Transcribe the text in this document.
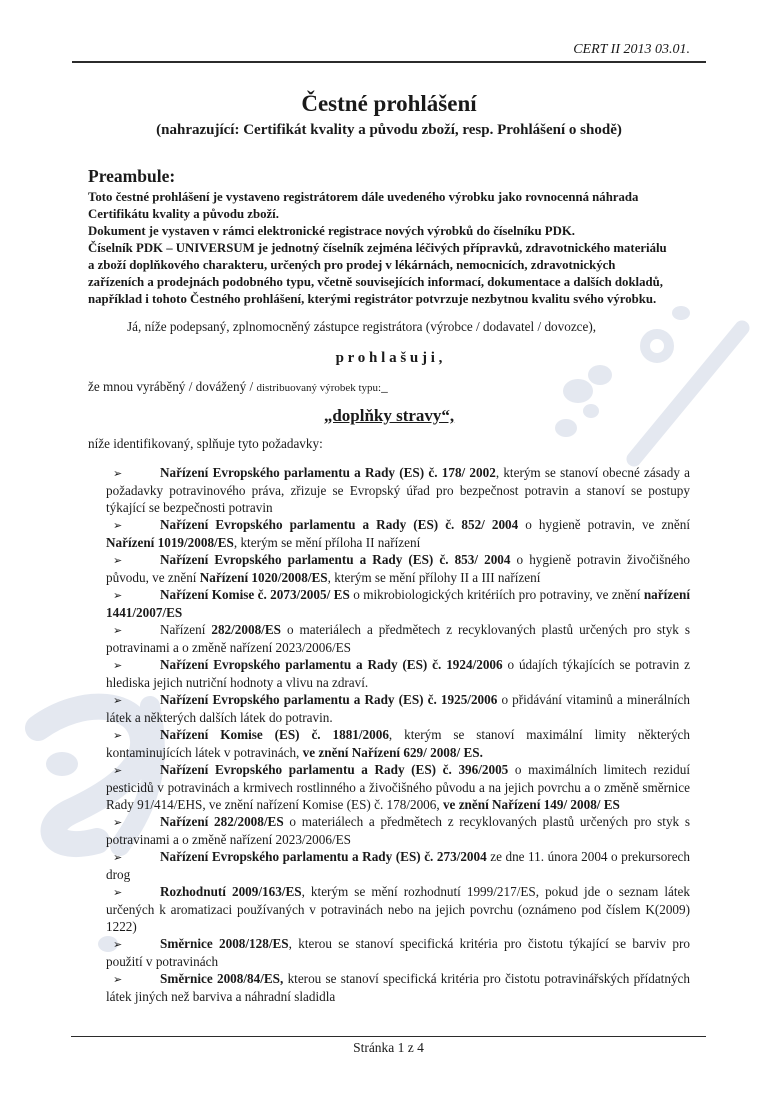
CERT II 2013 03.01.
Čestné prohlášení
(nahrazující: Certifikát kvality a původu zboží, resp. Prohlášení o shodě)
Preambule:
Toto čestné prohlášení je vystaveno registrátorem dále uvedeného výrobku jako rovnocenná náhrada
Certifikátu kvality a původu zboží.
Dokument je vystaven v rámci elektronické registrace nových výrobků do číselníku PDK.
Číselník PDK – UNIVERSUM je jednotný číselník zejména léčivých přípravků, zdravotnického materiálu
a zboží doplňkového charakteru, určených pro prodej v lékárnách, nemocnicích, zdravotnických
zařízeních a prodejnách podobného typu, včetně souvisejících informací, dokumentace a dalších dokladů,
například i tohoto Čestného prohlášení, kterými registrátor potvrzuje nezbytnou kvalitu svého výrobku.
Já, níže podepsaný, zplnomocněný zástupce registrátora (výrobce / dodavatel / dovozce),
p r o h l a š u j i ,
že mnou vyráběný / dovážený / distribuovaný výrobek typu:_
„doplňky stravy“,
níže identifikovaný, splňuje tyto požadavky:
➢	Nařízení Evropského parlamentu a Rady (ES) č. 178/ 2002, kterým se stanoví obecné zásady a požadavky potravinového práva, zřizuje se Evropský úřad pro bezpečnost potravin a stanoví se postupy týkající se bezpečnosti potravin
➢	Nařízení Evropského parlamentu a Rady (ES) č. 852/ 2004 o hygieně potravin, ve znění Nařízení 1019/2008/ES, kterým se mění příloha II nařízení
➢	Nařízení Evropského parlamentu a Rady (ES) č. 853/ 2004 o hygieně potravin živočišného původu, ve znění Nařízení 1020/2008/ES, kterým se mění přílohy II a III nařízení
➢	Nařízení Komise č. 2073/2005/ ES o mikrobiologických kritériích pro potraviny, ve znění nařízení 1441/2007/ES
➢	Nařízení 282/2008/ES o materiálech a předmětech z recyklovaných plastů určených pro styk s potravinami a o změně nařízení 2023/2006/ES
➢	Nařízení Evropského parlamentu a Rady (ES) č. 1924/2006 o údajích týkajících se potravin z hlediska jejich nutriční hodnoty a vlivu na zdraví.
➢	Nařízení Evropského parlamentu a Rady (ES) č. 1925/2006 o přidávání vitaminů a minerálních látek a některých dalších látek do potravin.
➢	Nařízení Komise (ES) č. 1881/2006, kterým se stanoví maximální limity některých kontaminujících látek v potravinách, ve znění Nařízení 629/ 2008/ ES.
➢	Nařízení Evropského parlamentu a Rady (ES) č. 396/2005 o maximálních limitech reziduí pesticidů v potravinách a krmivech rostlinného a živočišného původu a na jejich povrchu a o změně směrnice Rady 91/414/EHS, ve znění nařízení Komise (ES) č. 178/2006, ve znění Nařízení 149/ 2008/ ES
➢	Nařízení 282/2008/ES o materiálech a předmětech z recyklovaných plastů určených pro styk s potravinami a o změně nařízení 2023/2006/ES
➢	Nařízení Evropského parlamentu a Rady (ES) č. 273/2004 ze dne 11. února 2004 o prekursorech drog
➢	Rozhodnutí 2009/163/ES, kterým se mění rozhodnutí 1999/217/ES, pokud jde o seznam látek určených k aromatizaci používaných v potravinách nebo na jejich povrchu (oznámeno pod číslem K(2009) 1222)
➢	Směrnice 2008/128/ES, kterou se stanoví specifická kritéria pro čistotu týkající se barviv pro použití v potravinách
➢	Směrnice 2008/84/ES, kterou se stanoví specifická kritéria pro čistotu potravinářských přídatných látek jiných než barviva a náhradní sladidla
Stránka 1 z 4
